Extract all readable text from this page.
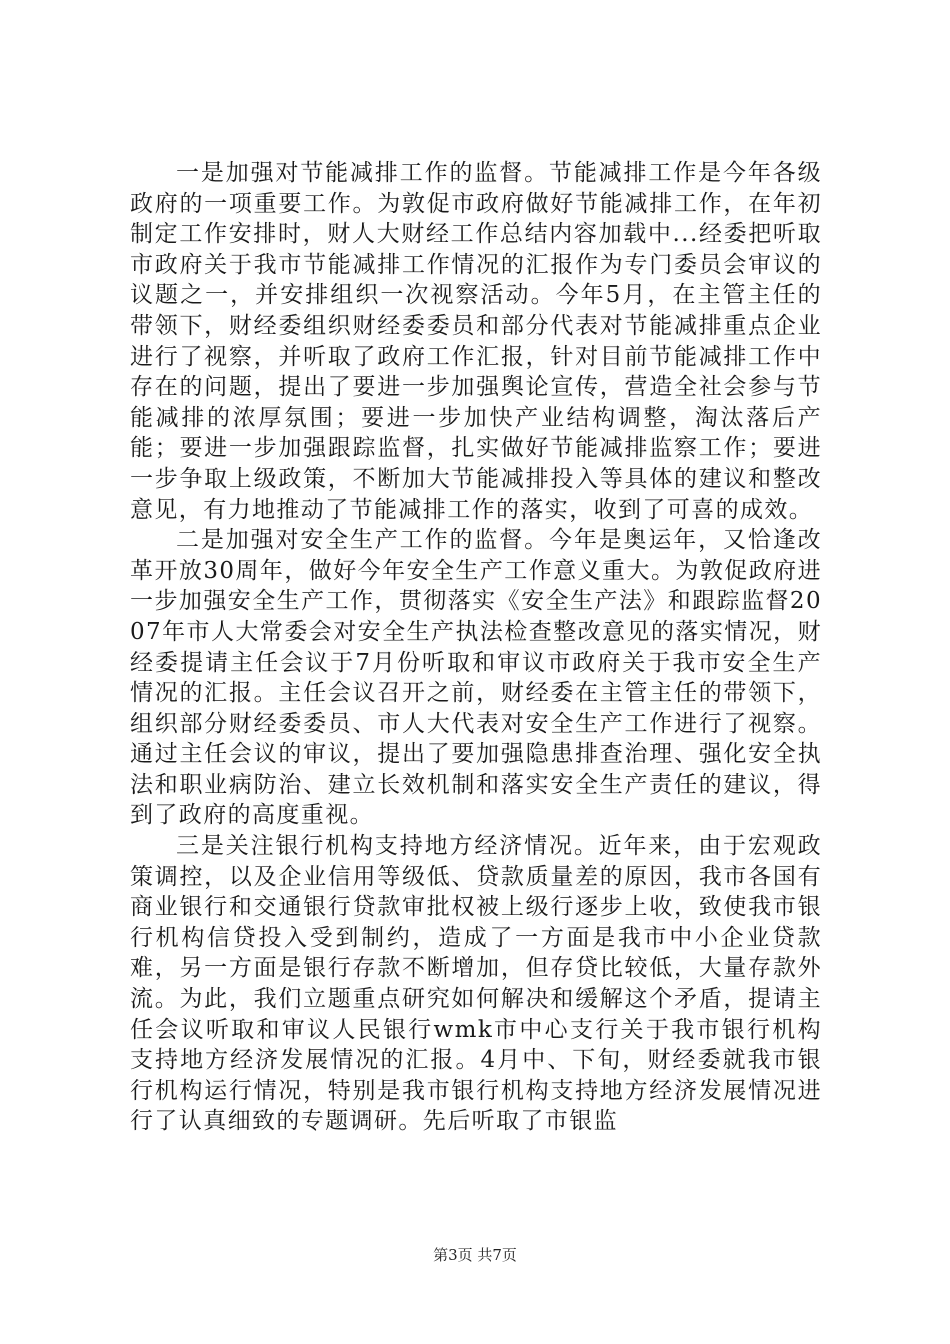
一是加强对节能减排工作的监督。节能减排工作是今年各级政府的一项重要工作。为敦促市政府做好节能减排工作，在年初制定工作安排时，财人大财经工作总结内容加载中...经委把听取市政府关于我市节能减排工作情况的汇报作为专门委员会审议的议题之一，并安排组织一次视察活动。今年5月，在主管主任的带领下，财经委组织财经委委员和部分代表对节能减排重点企业进行了视察，并听取了政府工作汇报，针对目前节能减排工作中存在的问题，提出了要进一步加强舆论宣传，营造全社会参与节能减排的浓厚氛围；要进一步加快产业结构调整，淘汰落后产能；要进一步加强跟踪监督，扎实做好节能减排监察工作；要进一步争取上级政策，不断加大节能减排投入等具体的建议和整改意见，有力地推动了节能减排工作的落实，收到了可喜的成效。

二是加强对安全生产工作的监督。今年是奥运年，又恰逢改革开放30周年，做好今年安全生产工作意义重大。为敦促政府进一步加强安全生产工作，贯彻落实《安全生产法》和跟踪监督2007年市人大常委会对安全生产执法检查整改意见的落实情况，财经委提请主任会议于7月份听取和审议市政府关于我市安全生产情况的汇报。主任会议召开之前，财经委在主管主任的带领下，组织部分财经委委员、市人大代表对安全生产工作进行了视察。通过主任会议的审议，提出了要加强隐患排查治理、强化安全执法和职业病防治、建立长效机制和落实安全生产责任的建议，得到了政府的高度重视。

三是关注银行机构支持地方经济情况。近年来，由于宏观政策调控，以及企业信用等级低、贷款质量差的原因，我市各国有商业银行和交通银行贷款审批权被上级行逐步上收，致使我市银行机构信贷投入受到制约，造成了一方面是我市中小企业贷款难，另一方面是银行存款不断增加，但存贷比较低，大量存款外流。为此，我们立题重点研究如何解决和缓解这个矛盾，提请主任会议听取和审议人民银行wmk市中心支行关于我市银行机构支持地方经济发展情况的汇报。4月中、下旬，财经委就我市银行机构运行情况，特别是我市银行机构支持地方经济发展情况进行了认真细致的专题调研。先后听取了市银监

第3页 共7页
